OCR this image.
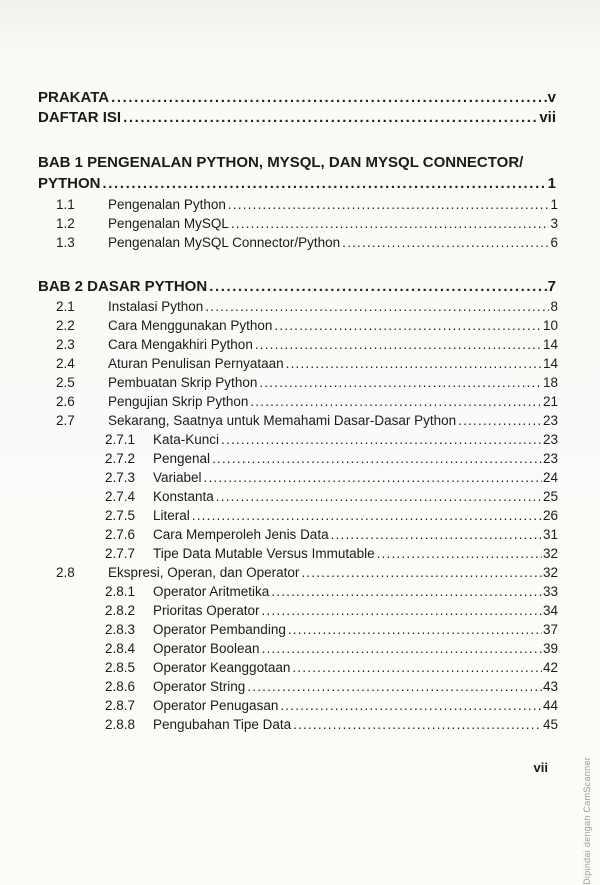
PRAKATA .....	v
DAFTAR ISI .....	vii
BAB 1 PENGENALAN PYTHON, MYSQL, DAN MYSQL CONNECTOR/
PYTHON .....	1
1.1 Pengenalan Python .....	1
1.2 Pengenalan MySQL .....	3
1.3 Pengenalan MySQL Connector/Python .....	6
BAB 2 DASAR PYTHON .....	7
2.1 Instalasi Python .....	8
2.2 Cara Menggunakan Python .....	10
2.3 Cara Mengakhiri Python .....	14
2.4 Aturan Penulisan Pernyataan .....	14
2.5 Pembuatan Skrip Python .....	18
2.6 Pengujian Skrip Python .....	21
2.7 Sekarang, Saatnya untuk Memahami Dasar-Dasar Python .....	23
2.7.1 Kata-Kunci .....	23
2.7.2 Pengenal .....	23
2.7.3 Variabel .....	24
2.7.4 Konstanta .....	25
2.7.5 Literal .....	26
2.7.6 Cara Memperoleh Jenis Data .....	31
2.7.7 Tipe Data Mutable Versus Immutable .....	32
2.8 Ekspresi, Operan, dan Operator .....	32
2.8.1 Operator Aritmetika .....	33
2.8.2 Prioritas Operator .....	34
2.8.3 Operator Pembanding .....	37
2.8.4 Operator Boolean .....	39
2.8.5 Operator Keanggotaan .....	42
2.8.6 Operator String .....	43
2.8.7 Operator Penugasan .....	44
2.8.8 Pengubahan Tipe Data .....	45
vii	Dipindai dengan CamScanner
